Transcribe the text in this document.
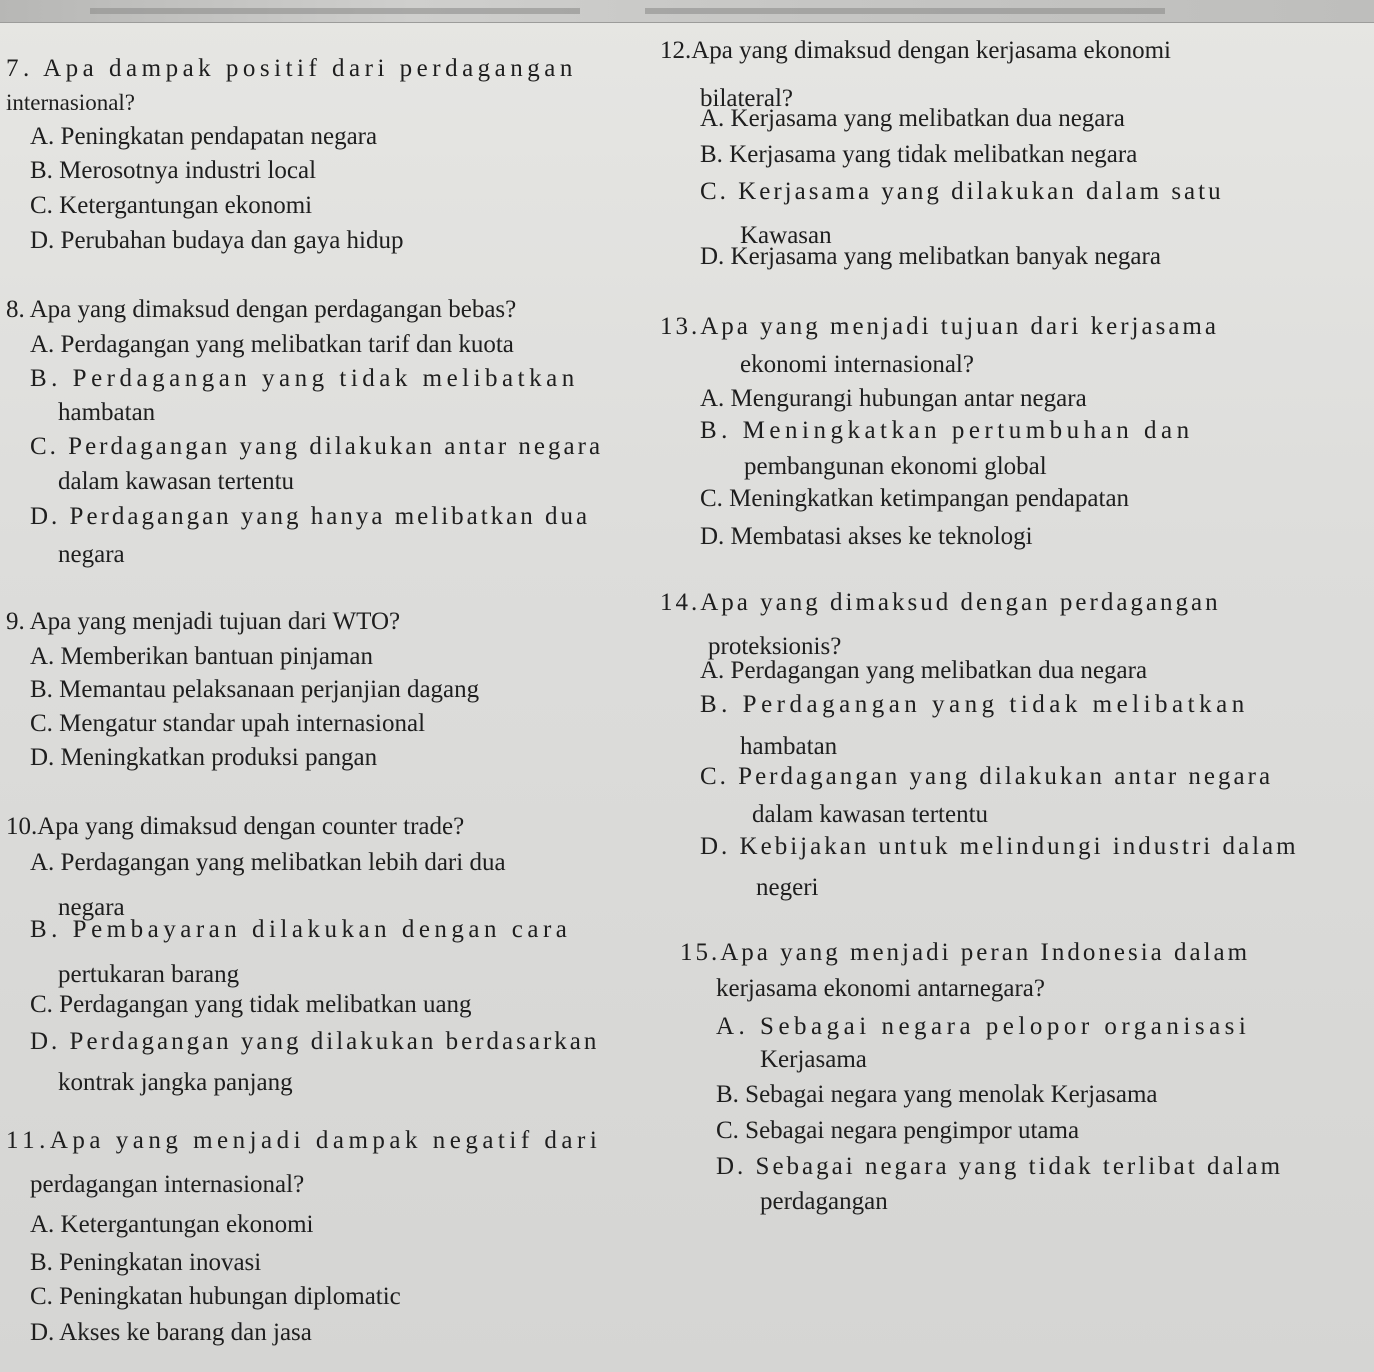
7. Apa dampak positif dari perdagangan
internasional?
A. Peningkatan pendapatan negara
B. Merosotnya industri local
C. Ketergantungan ekonomi
D. Perubahan budaya dan gaya hidup
8. Apa yang dimaksud dengan perdagangan bebas?
A. Perdagangan yang melibatkan tarif dan kuota
B. Perdagangan yang tidak melibatkan
hambatan
C. Perdagangan yang dilakukan antar negara
dalam kawasan tertentu
D. Perdagangan yang hanya melibatkan dua
negara
9. Apa yang menjadi tujuan dari WTO?
A. Memberikan bantuan pinjaman
B. Memantau pelaksanaan perjanjian dagang
C. Mengatur standar upah internasional
D. Meningkatkan produksi pangan
10.Apa yang dimaksud dengan counter trade?
A. Perdagangan yang melibatkan lebih dari dua
negara
B. Pembayaran dilakukan dengan cara
pertukaran barang
C. Perdagangan yang tidak melibatkan uang
D. Perdagangan yang dilakukan berdasarkan
kontrak jangka panjang
11.Apa yang menjadi dampak negatif dari
perdagangan internasional?
A. Ketergantungan ekonomi
B. Peningkatan inovasi
C. Peningkatan hubungan diplomatic
D. Akses ke barang dan jasa
12.Apa yang dimaksud dengan kerjasama ekonomi
bilateral?
A. Kerjasama yang melibatkan dua negara
B. Kerjasama yang tidak melibatkan negara
C. Kerjasama yang dilakukan dalam satu
Kawasan
D. Kerjasama yang melibatkan banyak negara
13.Apa yang menjadi tujuan dari kerjasama
ekonomi internasional?
A. Mengurangi hubungan antar negara
B. Meningkatkan pertumbuhan dan
pembangunan ekonomi global
C. Meningkatkan ketimpangan pendapatan
D. Membatasi akses ke teknologi
14.Apa yang dimaksud dengan perdagangan
proteksionis?
A. Perdagangan yang melibatkan dua negara
B. Perdagangan yang tidak melibatkan
hambatan
C. Perdagangan yang dilakukan antar negara
dalam kawasan tertentu
D. Kebijakan untuk melindungi industri dalam
negeri
15.Apa yang menjadi peran Indonesia dalam
kerjasama ekonomi antarnegara?
A. Sebagai negara pelopor organisasi
Kerjasama
B. Sebagai negara yang menolak Kerjasama
C. Sebagai negara pengimpor utama
D. Sebagai negara yang tidak terlibat dalam
perdagangan
